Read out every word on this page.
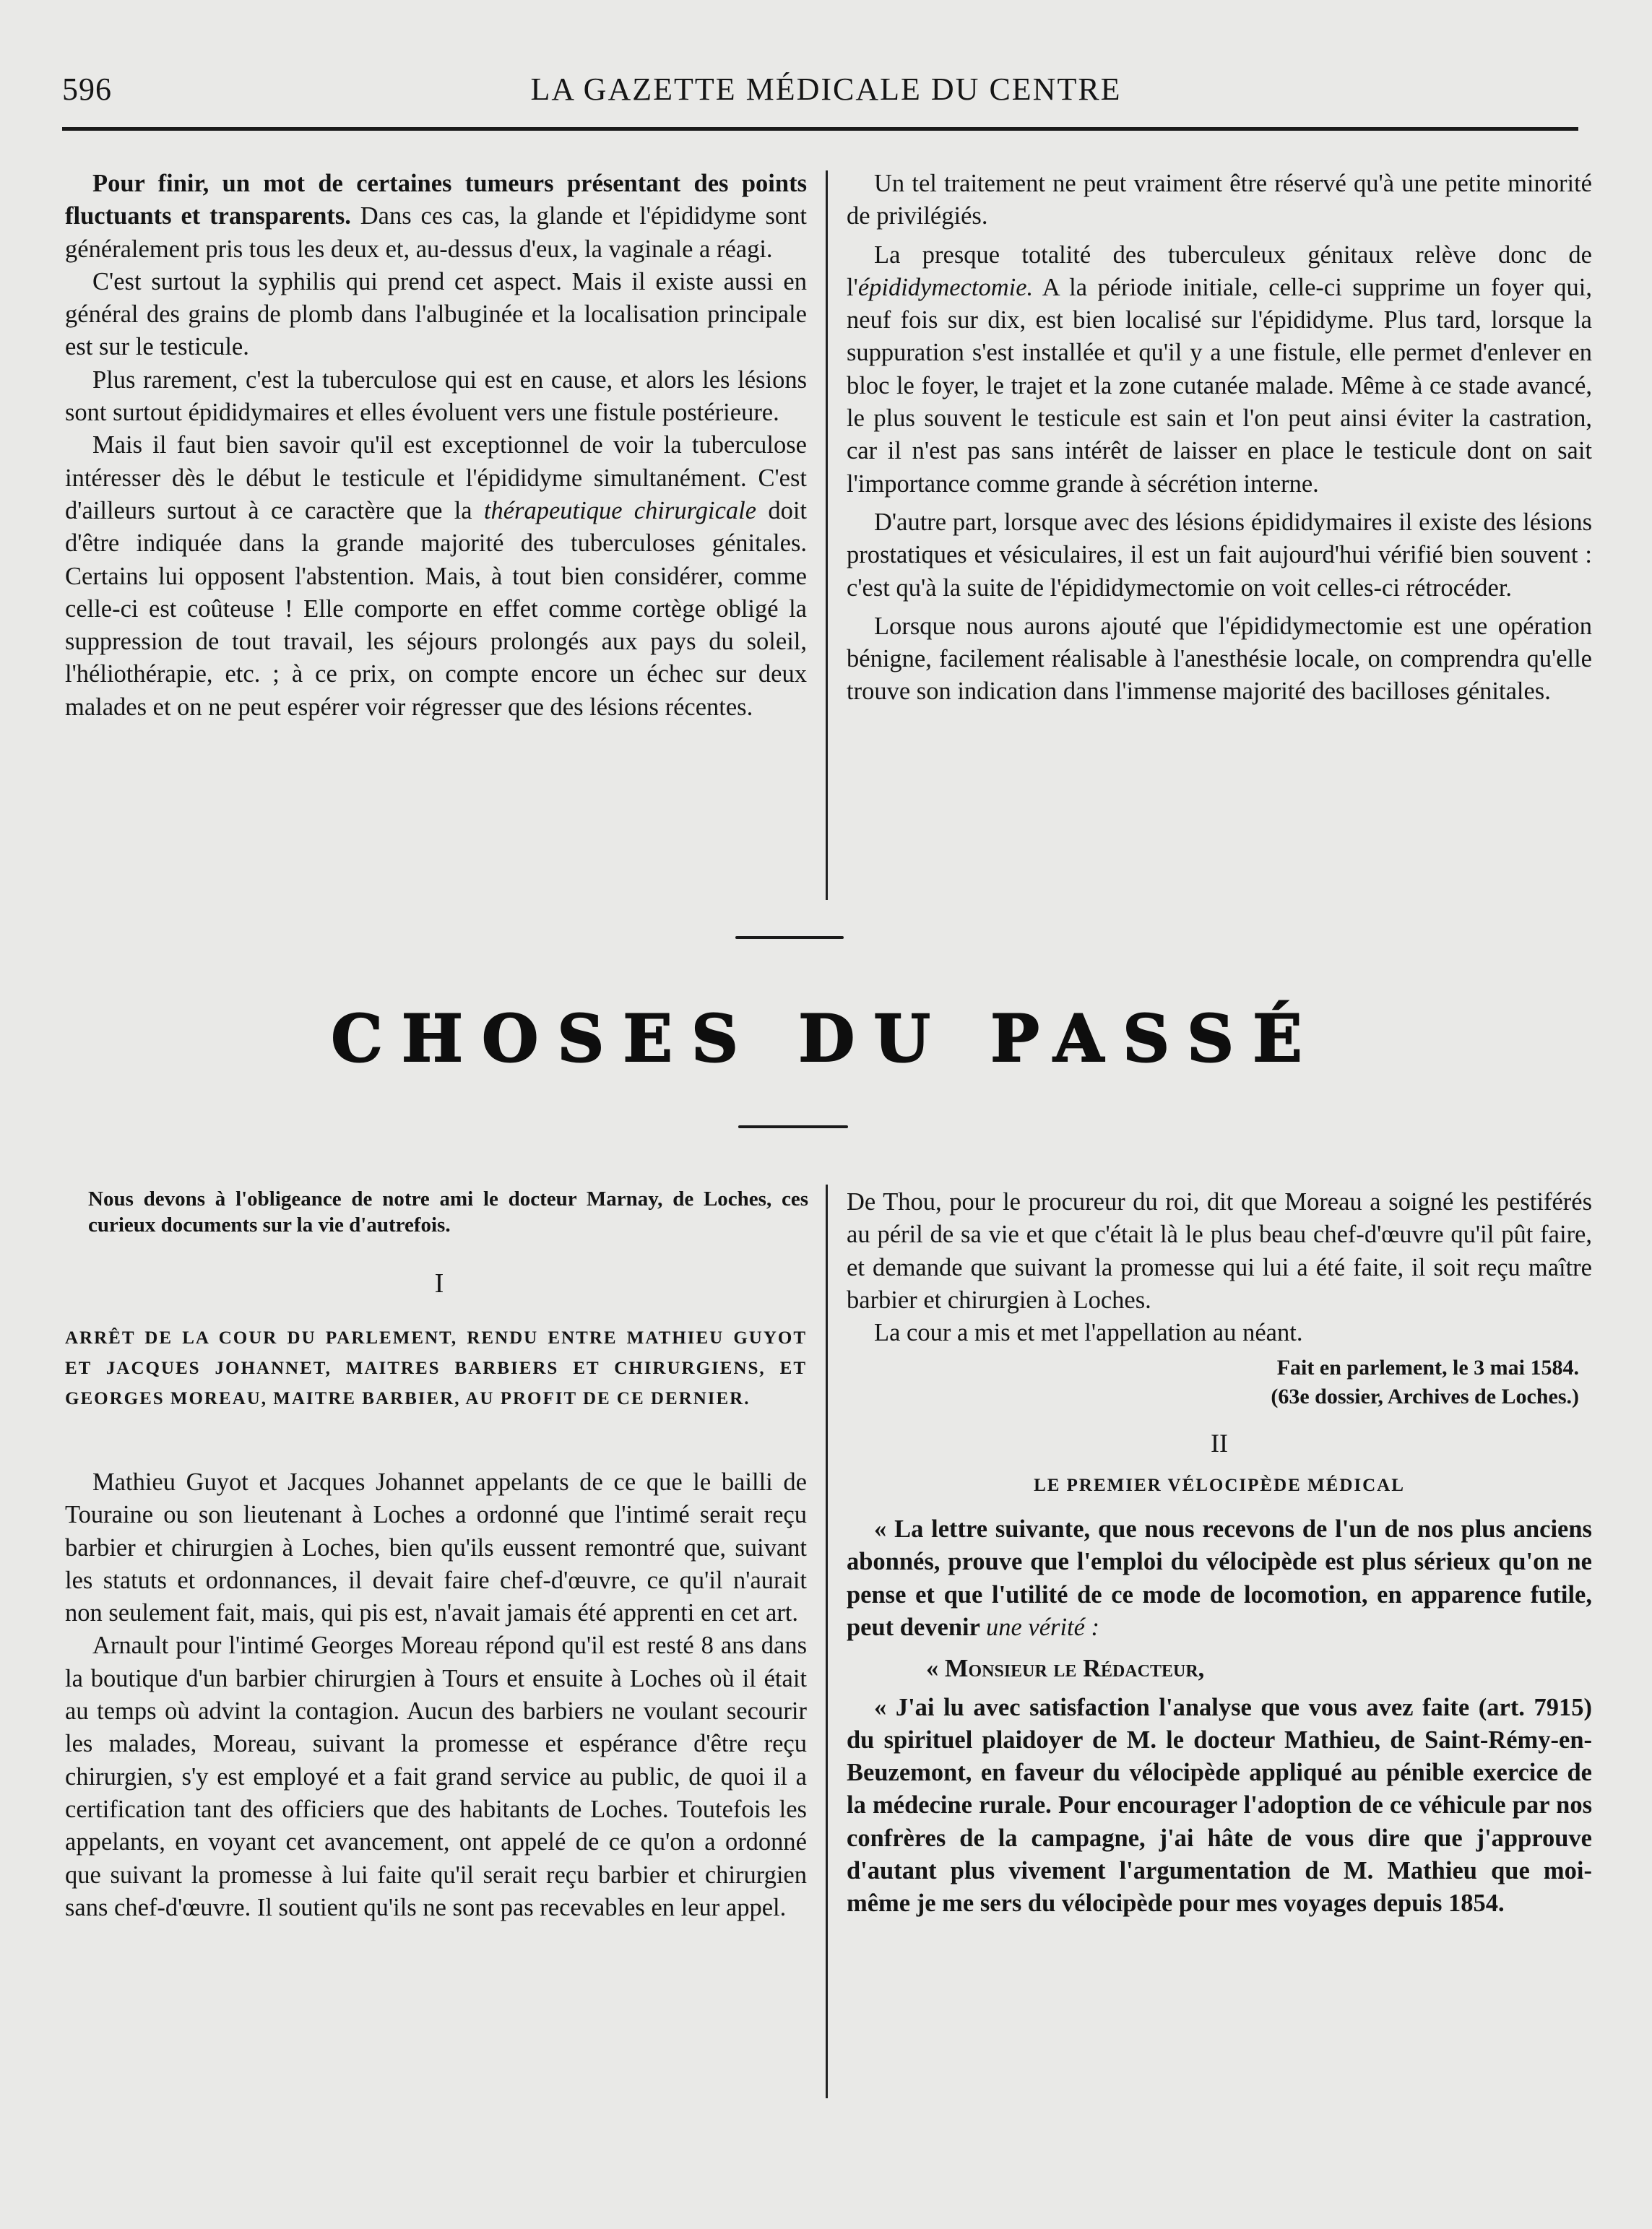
596	LA GAZETTE MÉDICALE DU CENTRE

Pour finir, un mot de certaines tumeurs présentant des points fluctuants et transparents. Dans ces cas, la glande et l'épididyme sont généralement pris tous les deux et, au-dessus d'eux, la vaginale a réagi.

C'est surtout la syphilis qui prend cet aspect. Mais il existe aussi en général des grains de plomb dans l'albuginée et la localisation principale est sur le testicule.

Plus rarement, c'est la tuberculose qui est en cause, et alors les lésions sont surtout épididymaires et elles évoluent vers une fistule postérieure.

Mais il faut bien savoir qu'il est exceptionnel de voir la tuberculose intéresser dès le début le testicule et l'épididyme simultanément. C'est d'ailleurs surtout à ce caractère que la thérapeutique chirurgicale doit d'être indiquée dans la grande majorité des tuberculoses génitales. Certains lui opposent l'abstention. Mais, à tout bien considérer, comme celle-ci est coûteuse ! Elle comporte en effet comme cortège obligé la suppression de tout travail, les séjours prolongés aux pays du soleil, l'héliothérapie, etc. ; à ce prix, on compte encore un échec sur deux malades et on ne peut espérer voir régresser que des lésions récentes.

Un tel traitement ne peut vraiment être réservé qu'à une petite minorité de privilégiés.

La presque totalité des tuberculeux génitaux relève donc de l'épididymectomie. A la période initiale, celle-ci supprime un foyer qui, neuf fois sur dix, est bien localisé sur l'épididyme. Plus tard, lorsque la suppuration s'est installée et qu'il y a une fistule, elle permet d'enlever en bloc le foyer, le trajet et la zone cutanée malade. Même à ce stade avancé, le plus souvent le testicule est sain et l'on peut ainsi éviter la castration, car il n'est pas sans intérêt de laisser en place le testicule dont on sait l'importance comme grande à sécrétion interne.

D'autre part, lorsque avec des lésions épididymaires il existe des lésions prostatiques et vésiculaires, il est un fait aujourd'hui vérifié bien souvent : c'est qu'à la suite de l'épididymectomie on voit celles-ci rétrocéder.

Lorsque nous aurons ajouté que l'épididymectomie est une opération bénigne, facilement réalisable à l'anesthésie locale, on comprendra qu'elle trouve son indication dans l'immense majorité des bacilloses génitales.

CHOSES DU PASSÉ

Nous devons à l'obligeance de notre ami le docteur Marnay, de Loches, ces curieux documents sur la vie d'autrefois.

I

ARRÊT DE LA COUR DU PARLEMENT, RENDU ENTRE MATHIEU GUYOT ET JACQUES JOHANNET, MAITRES BARBIERS ET CHIRURGIENS, ET GEORGES MOREAU, MAITRE BARBIER, AU PROFIT DE CE DERNIER.

Mathieu Guyot et Jacques Johannet appelants de ce que le bailli de Touraine ou son lieutenant à Loches a ordonné que l'intimé serait reçu barbier et chirurgien à Loches, bien qu'ils eussent remontré que, suivant les statuts et ordonnances, il devait faire chef-d'œuvre, ce qu'il n'aurait non seulement fait, mais, qui pis est, n'avait jamais été apprenti en cet art.

Arnault pour l'intimé Georges Moreau répond qu'il est resté 8 ans dans la boutique d'un barbier chirurgien à Tours et ensuite à Loches où il était au temps où advint la contagion. Aucun des barbiers ne voulant secourir les malades, Moreau, suivant la promesse et espérance d'être reçu chirurgien, s'y est employé et a fait grand service au public, de quoi il a certification tant des officiers que des habitants de Loches. Toutefois les appelants, en voyant cet avancement, ont appelé de ce qu'on a ordonné que suivant la promesse à lui faite qu'il serait reçu barbier et chirurgien sans chef-d'œuvre. Il soutient qu'ils ne sont pas recevables en leur appel.

De Thou, pour le procureur du roi, dit que Moreau a soigné les pestiférés au péril de sa vie et que c'était là le plus beau chef-d'œuvre qu'il pût faire, et demande que suivant la promesse qui lui a été faite, il soit reçu maître barbier et chirurgien à Loches.

La cour a mis et met l'appellation au néant.

Fait en parlement, le 3 mai 1584.

(63e dossier, Archives de Loches.)

II

LE PREMIER VÉLOCIPÈDE MÉDICAL

« La lettre suivante, que nous recevons de l'un de nos plus anciens abonnés, prouve que l'emploi du vélocipède est plus sérieux qu'on ne pense et que l'utilité de ce mode de locomotion, en apparence futile, peut devenir une vérité :

« Monsieur le Rédacteur,

« J'ai lu avec satisfaction l'analyse que vous avez faite (art. 7915) du spirituel plaidoyer de M. le docteur Mathieu, de Saint-Rémy-en-Beuzemont, en faveur du vélocipède appliqué au pénible exercice de la médecine rurale. Pour encourager l'adoption de ce véhicule par nos confrères de la campagne, j'ai hâte de vous dire que j'approuve d'autant plus vivement l'argumentation de M. Mathieu que moi-même je me sers du vélocipède pour mes voyages depuis 1854.
